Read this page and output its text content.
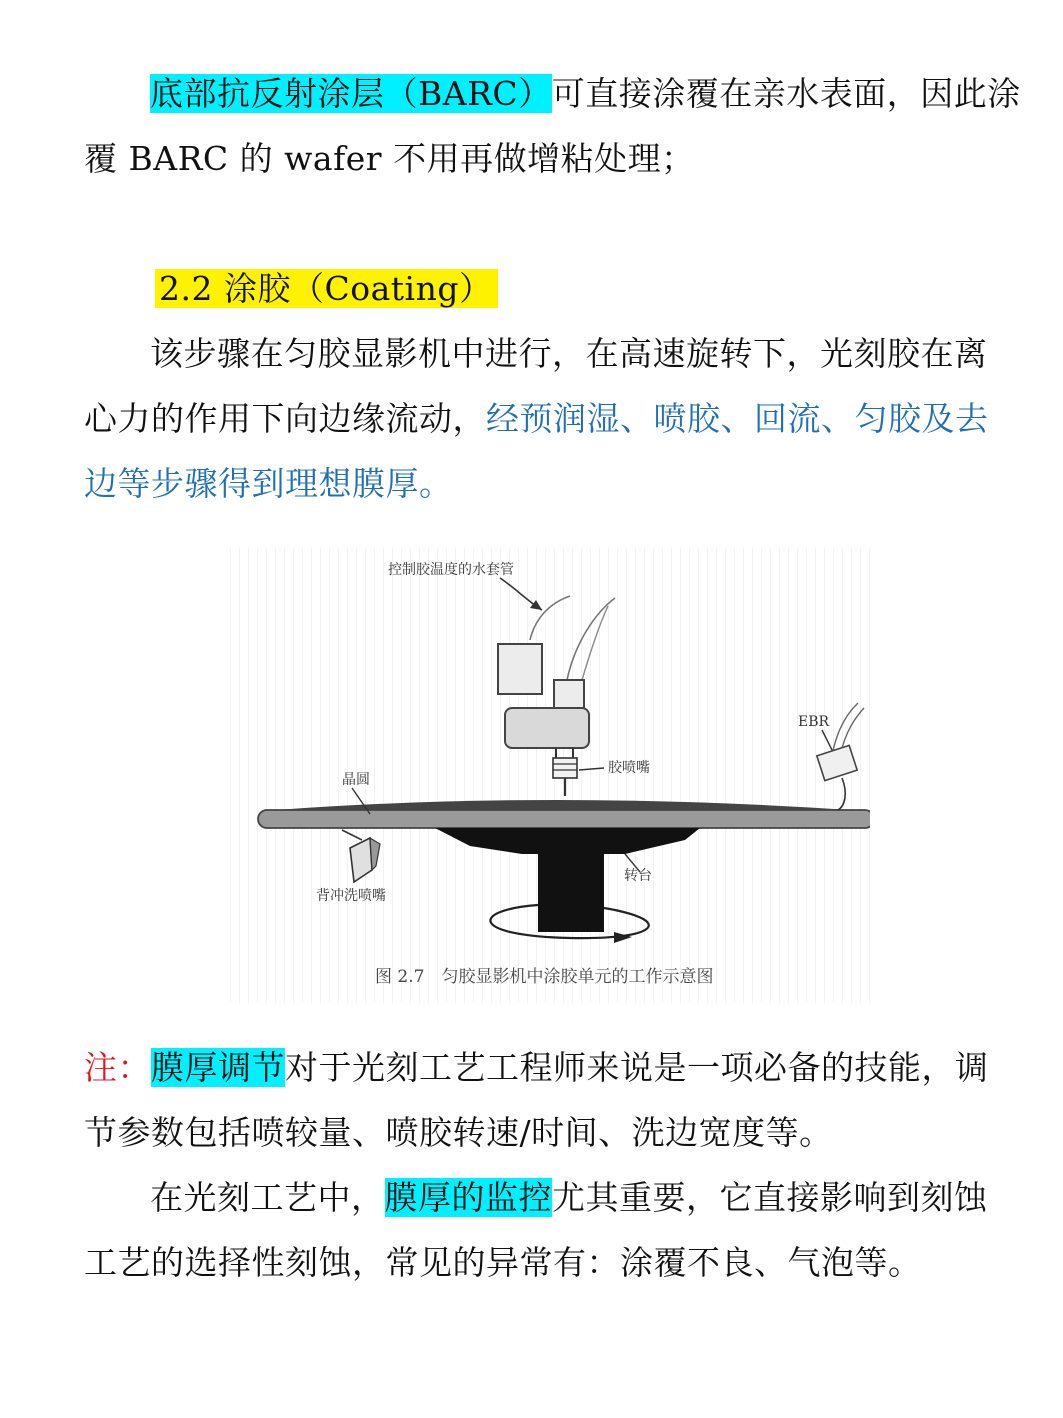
底部抗反射涂层（BARC）可直接涂覆在亲水表面，因此涂
覆 BARC 的 wafer 不用再做增粘处理；
2.2 涂胶（Coating）
该步骤在匀胶显影机中进行，在高速旋转下，光刻胶在离
心力的作用下向边缘流动，经预润湿、喷胶、回流、匀胶及去
边等步骤得到理想膜厚。
控制胶温度的水套管
EBR
胶喷嘴
晶圆
转台
背冲洗喷嘴
图 2.7　匀胶显影机中涂胶单元的工作示意图
注：膜厚调节对于光刻工艺工程师来说是一项必备的技能，调
节参数包括喷较量、喷胶转速/时间、洗边宽度等。
在光刻工艺中，膜厚的监控尤其重要，它直接影响到刻蚀
工艺的选择性刻蚀，常见的异常有：涂覆不良、气泡等。
